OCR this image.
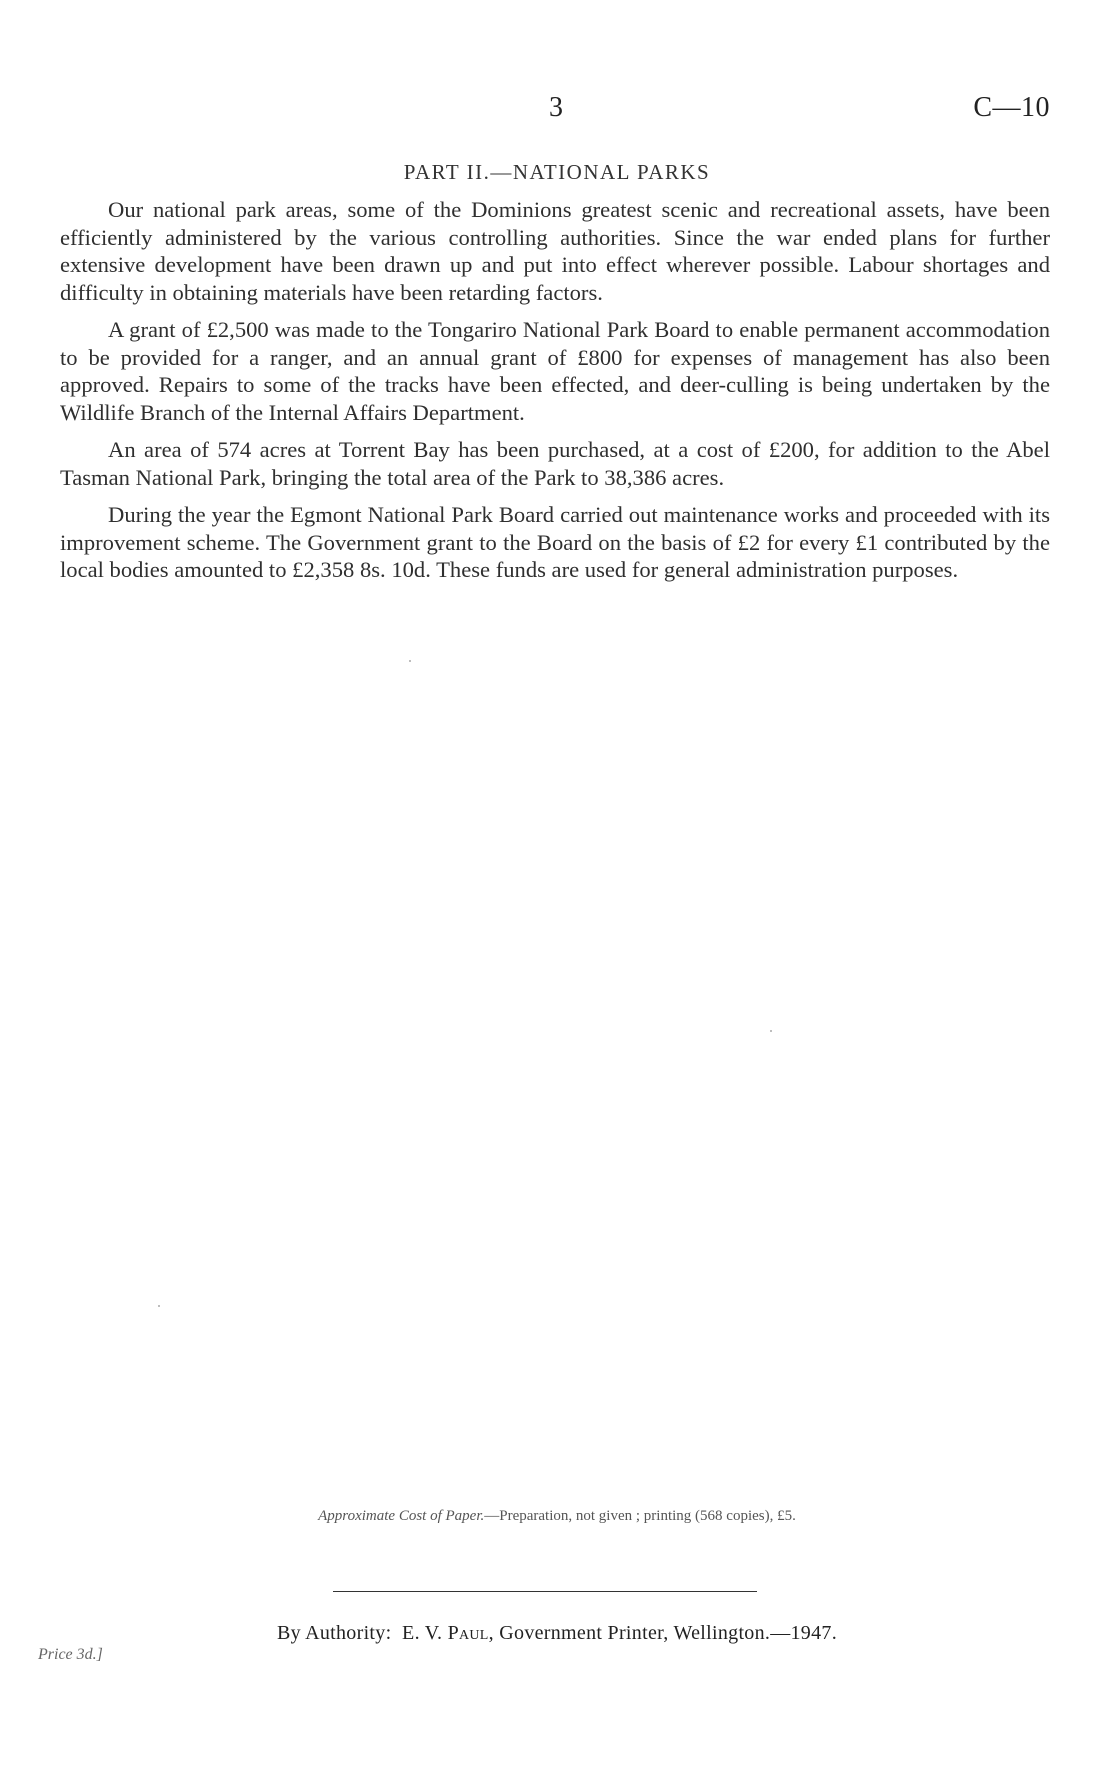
3	C—10
PART II.—NATIONAL PARKS

Our national park areas, some of the Dominions greatest scenic and recreational assets, have been efficiently administered by the various controlling authorities. Since the war ended plans for further extensive development have been drawn up and put into effect wherever possible. Labour shortages and difficulty in obtaining materials have been retarding factors.

A grant of £2,500 was made to the Tongariro National Park Board to enable permanent accommodation to be provided for a ranger, and an annual grant of £800 for expenses of management has also been approved. Repairs to some of the tracks have been effected, and deer-culling is being undertaken by the Wildlife Branch of the Internal Affairs Department.

An area of 574 acres at Torrent Bay has been purchased, at a cost of £200, for addition to the Abel Tasman National Park, bringing the total area of the Park to 38,386 acres.

During the year the Egmont National Park Board carried out maintenance works and proceeded with its improvement scheme. The Government grant to the Board on the basis of £2 for every £1 contributed by the local bodies amounted to £2,358 8s. 10d. These funds are used for general administration purposes.

Approximate Cost of Paper.—Preparation, not given ; printing (568 copies), £5.
By Authority: E. V. Paul, Government Printer, Wellington.—1947.
Price 3d.]
